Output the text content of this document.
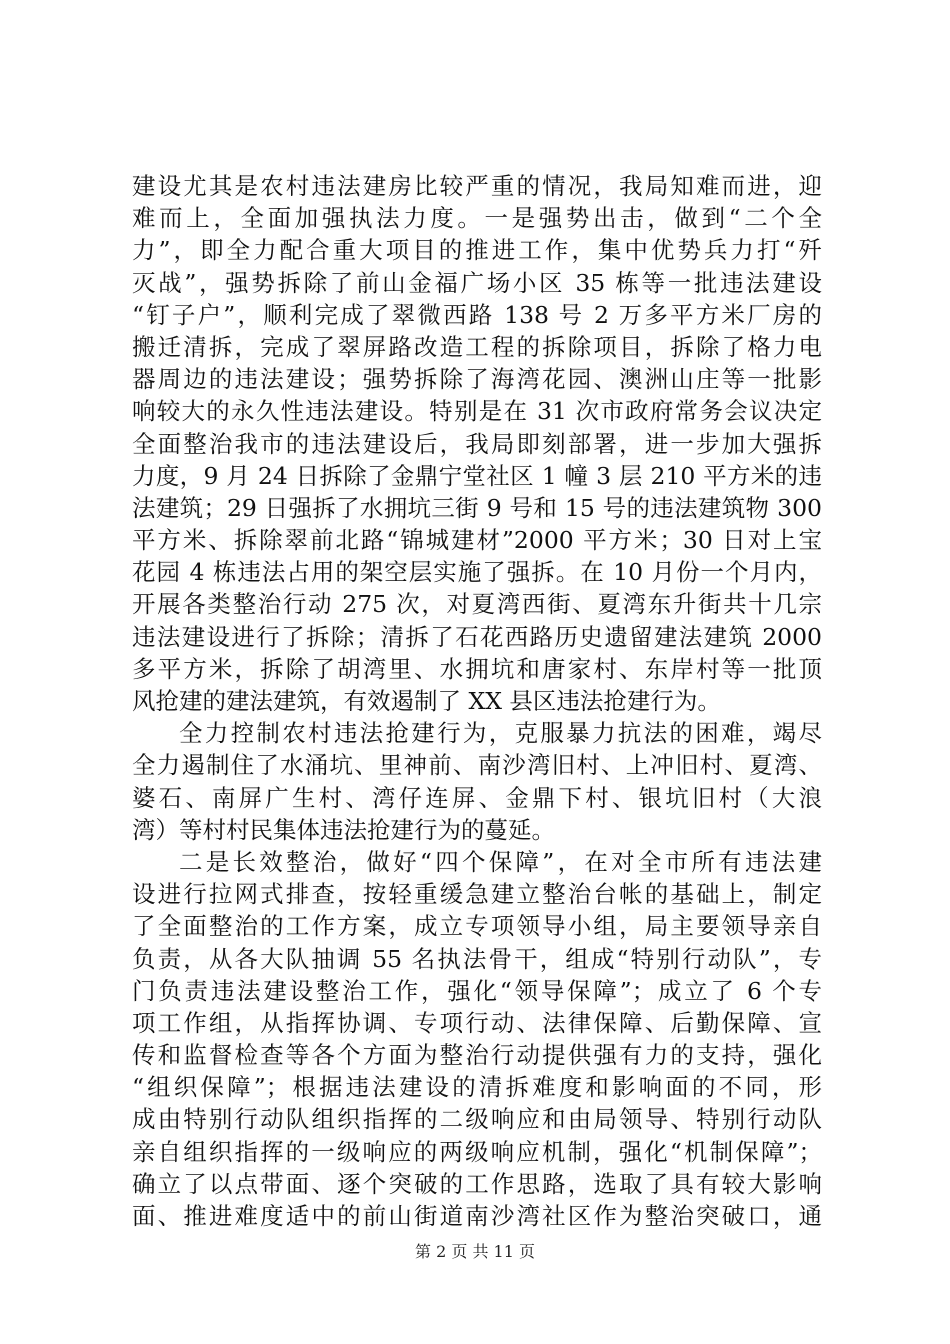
建设尤其是农村违法建房比较严重的情况，我局知难而进，迎
难而上，全面加强执法力度。一是强势出击，做到“二个全
力”，即全力配合重大项目的推进工作，集中优势兵力打“歼
灭战”，强势拆除了前山金福广场小区 35 栋等一批违法建设
“钉子户”，顺利完成了翠微西路 138 号 2 万多平方米厂房的
搬迁清拆，完成了翠屏路改造工程的拆除项目，拆除了格力电
器周边的违法建设；强势拆除了海湾花园、澳洲山庄等一批影
响较大的永久性违法建设。特别是在 31 次市政府常务会议决定
全面整治我市的违法建设后，我局即刻部署，进一步加大强拆
力度，9 月 24 日拆除了金鼎宁堂社区 1 幢 3 层 210 平方米的违
法建筑；29 日强拆了水拥坑三街 9 号和 15 号的违法建筑物 300
平方米、拆除翠前北路“锦城建材”2000 平方米；30 日对上宝
花园 4 栋违法占用的架空层实施了强拆。在 10 月份一个月内，
开展各类整治行动 275 次，对夏湾西街、夏湾东升街共十几宗
违法建设进行了拆除；清拆了石花西路历史遗留建法建筑 2000
多平方米，拆除了胡湾里、水拥坑和唐家村、东岸村等一批顶
风抢建的建法建筑，有效遏制了 XX 县区违法抢建行为。
全力控制农村违法抢建行为，克服暴力抗法的困难，竭尽
全力遏制住了水涌坑、里神前、南沙湾旧村、上冲旧村、夏湾、
婆石、南屏广生村、湾仔连屏、金鼎下村、银坑旧村（大浪
湾）等村村民集体违法抢建行为的蔓延。
二是长效整治，做好“四个保障”，在对全市所有违法建
设进行拉网式排查，按轻重缓急建立整治台帐的基础上，制定
了全面整治的工作方案，成立专项领导小组，局主要领导亲自
负责，从各大队抽调 55 名执法骨干，组成“特别行动队”，专
门负责违法建设整治工作，强化“领导保障”；成立了 6 个专
项工作组，从指挥协调、专项行动、法律保障、后勤保障、宣
传和监督检查等各个方面为整治行动提供强有力的支持，强化
“组织保障”；根据违法建设的清拆难度和影响面的不同，形
成由特别行动队组织指挥的二级响应和由局领导、特别行动队
亲自组织指挥的一级响应的两级响应机制，强化“机制保障”；
确立了以点带面、逐个突破的工作思路，选取了具有较大影响
面、推进难度适中的前山街道南沙湾社区作为整治突破口，通
第 2 页 共 11 页
